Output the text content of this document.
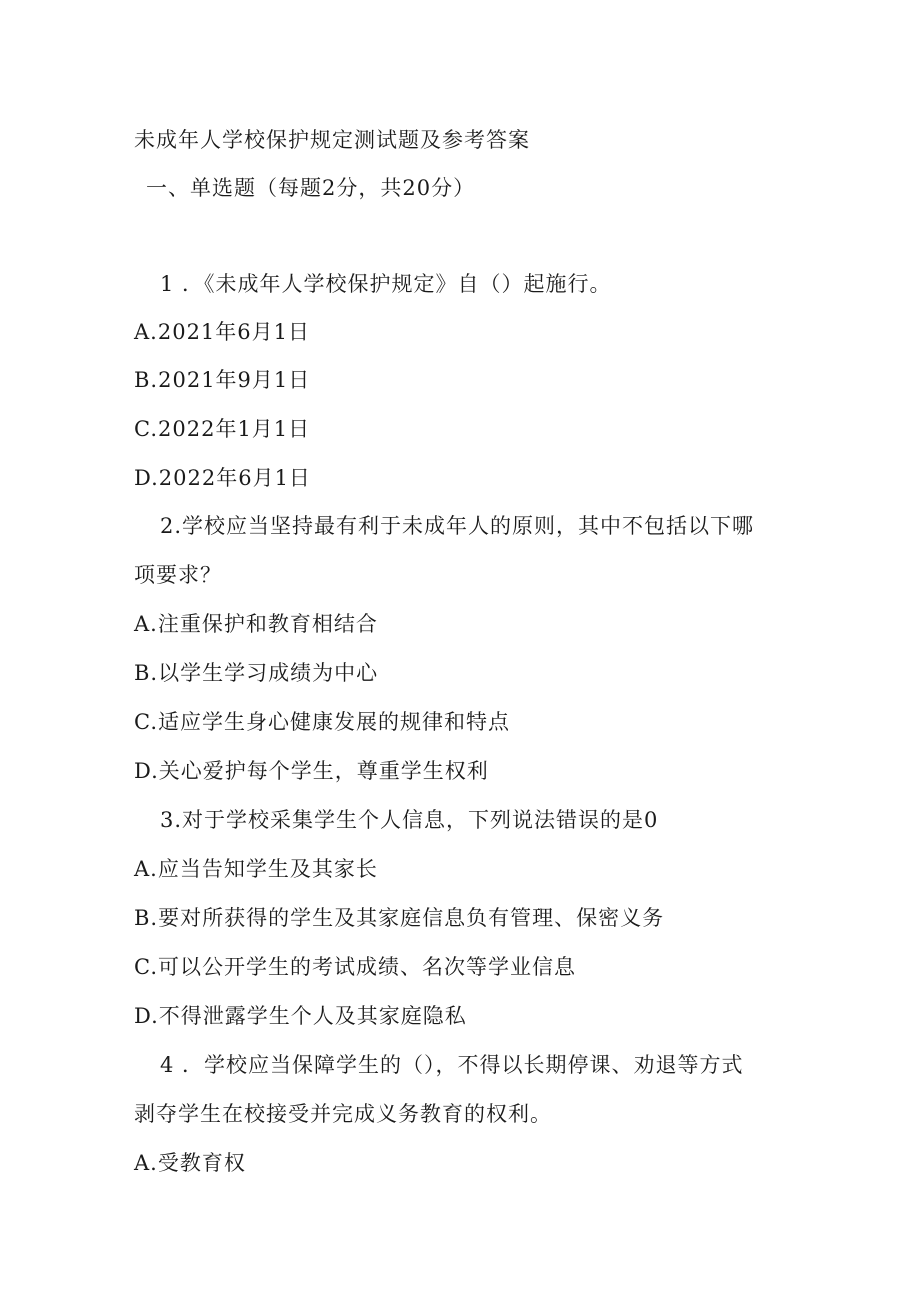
未成年人学校保护规定测试题及参考答案
一、单选题（每题2分，共20分）
1 ．《未成年人学校保护规定》自（）起施行。
A.2021年6月1日
B.2021年9月1日
C.2022年1月1日
D.2022年6月1日
2.学校应当坚持最有利于未成年人的原则，其中不包括以下哪
项要求？
A.注重保护和教育相结合
B.以学生学习成绩为中心
C.适应学生身心健康发展的规律和特点
D.关心爱护每个学生，尊重学生权利
3.对于学校采集学生个人信息，下列说法错误的是0
A.应当告知学生及其家长
B.要对所获得的学生及其家庭信息负有管理、保密义务
C.可以公开学生的考试成绩、名次等学业信息
D.不得泄露学生个人及其家庭隐私
4 ．学校应当保障学生的（），不得以长期停课、劝退等方式
剥夺学生在校接受并完成义务教育的权利。
A.受教育权
